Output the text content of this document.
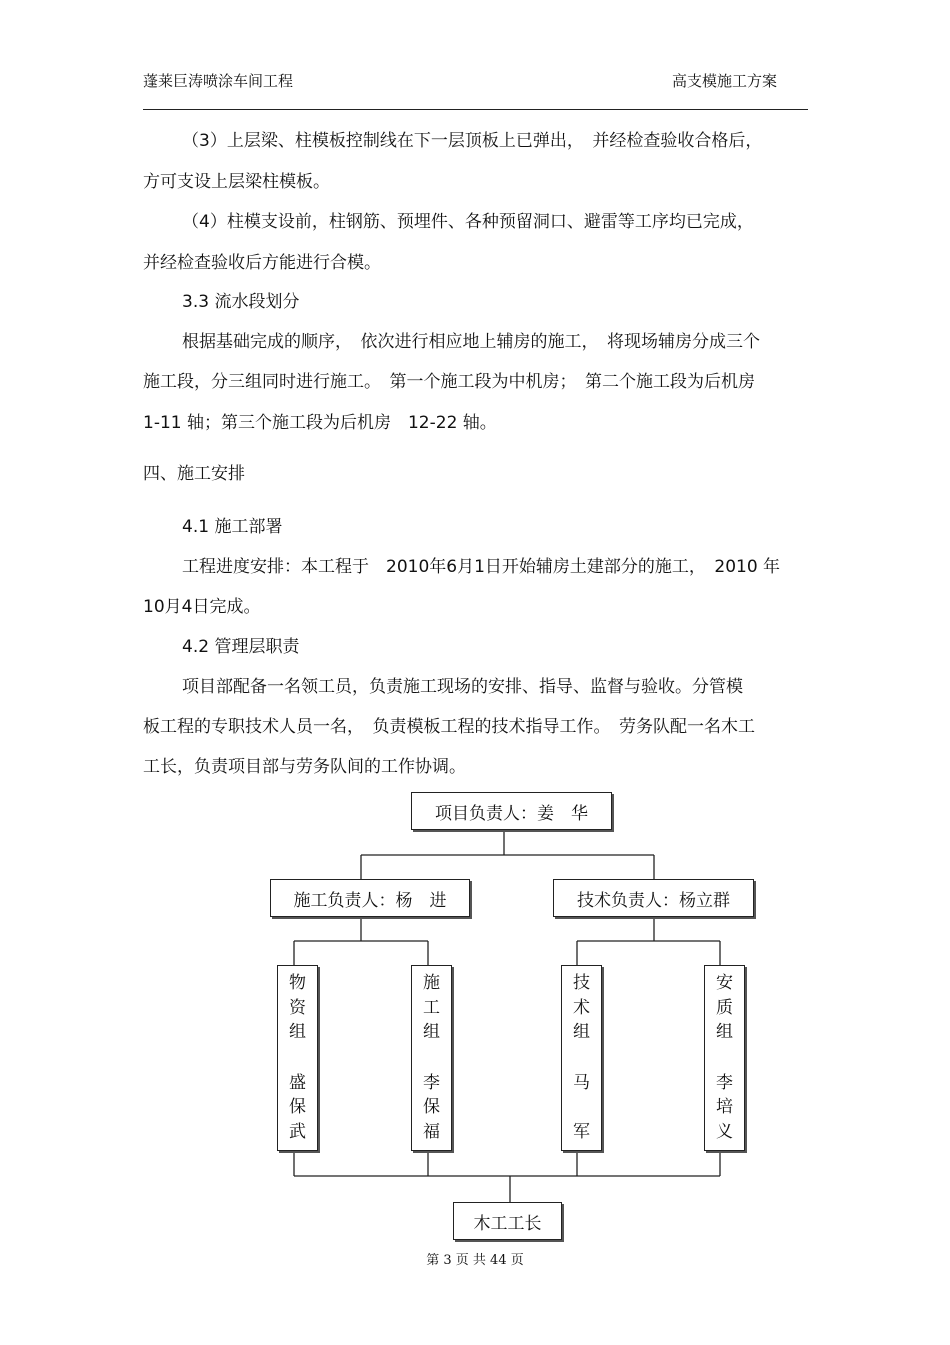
蓬莱巨涛喷涂车间工程	高支模施工方案
（3）上层梁、柱模板控制线在下一层顶板上已弹出，　并经检查验收合格后，
方可支设上层梁柱模板。
（4）柱模支设前，柱钢筋、预埋件、各种预留洞口、避雷等工序均已完成，
并经检查验收后方能进行合模。
3.3 流水段划分
根据基础完成的顺序，　依次进行相应地上辅房的施工，　将现场辅房分成三个
施工段，分三组同时进行施工。　第一个施工段为中机房；　第二个施工段为后机房
1-11 轴；第三个施工段为后机房　12-22 轴。
四、施工安排
4.1 施工部署
工程进度安排：本工程于　2010年6月1日开始辅房土建部分的施工，　2010 年
10月4日完成。
4.2 管理层职责
项目部配备一名领工员，负责施工现场的安排、指导、监督与验收。分管模
板工程的专职技术人员一名，　负责模板工程的技术指导工作。　劳务队配一名木工
工长，负责项目部与劳务队间的工作协调。
项目负责人：姜　华
施工负责人：杨　进	技术负责人：杨立群
物
资
组
盛
保
武
施
工
组
李
保
福
技
术
组
马
军
安
质
组
李
培
义
木工工长
第 3 页 共 44 页
